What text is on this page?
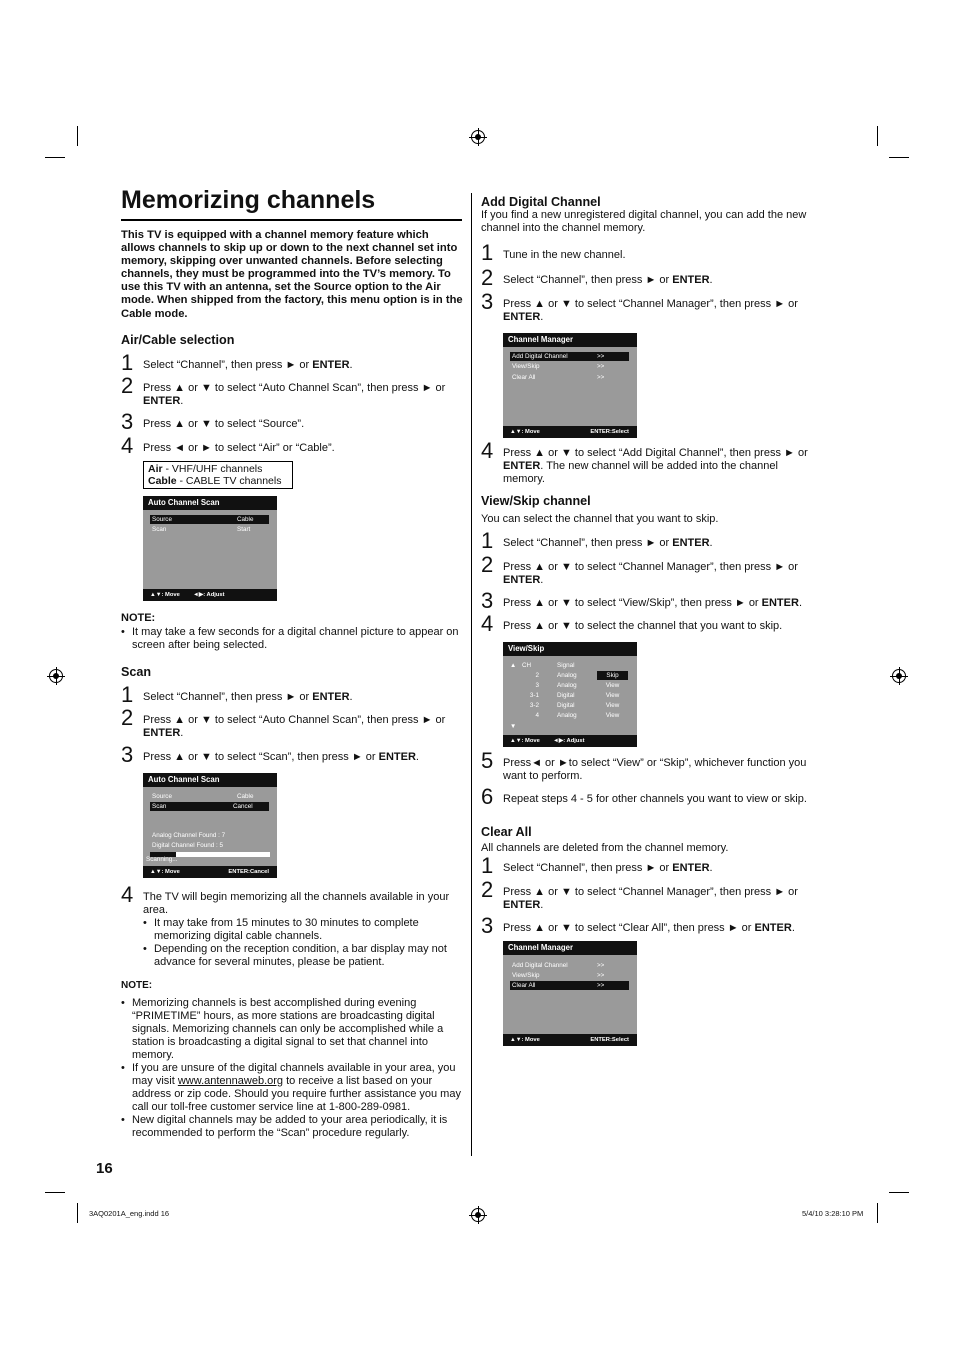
Memorizing channels
This TV is equipped with a channel memory feature which allows channels to skip up or down to the next channel set into memory, skipping over unwanted channels. Before selecting channels, they must be programmed into the TV’s memory. To use this TV with an antenna, set the Source option to the Air mode. When shipped from the factory, this menu option is in the Cable mode.
Air/Cable selection
1 Select “Channel”, then press ► or ENTER.
2 Press ▲ or ▼ to select “Auto Channel Scan”, then press ► or ENTER.
3 Press ▲ or ▼ to select “Source”.
4 Press ◄ or ► to select “Air” or “Cable”.
Air - VHF/UHF channels
Cable - CABLE TV channels
Auto Channel Scan
Source	Cable
Scan	Start
▲▼: Move ◄▶: Adjust
NOTE:
• It may take a few seconds for a digital channel picture to appear on screen after being selected.
Scan
1 Select “Channel”, then press ► or ENTER.
2 Press ▲ or ▼ to select “Auto Channel Scan”, then press ► or ENTER.
3 Press ▲ or ▼ to select “Scan”, then press ► or ENTER.
Auto Channel Scan
Source	Cable
Scan	Cancel
Analog Channel Found : 7
Digital Channel Found : 5
Scanning...
▲▼: Move	ENTER:Cancel
4 The TV will begin memorizing all the channels available in your area.
• It may take from 15 minutes to 30 minutes to complete memorizing digital cable channels.
• Depending on the reception condition, a bar display may not advance for several minutes, please be patient.
NOTE:
• Memorizing channels is best accomplished during evening “PRIMETIME” hours, as more stations are broadcasting digital signals. Memorizing channels can only be accomplished while a station is broadcasting a digital signal to set that channel into memory.
• If you are unsure of the digital channels available in your area, you may visit www.antennaweb.org to receive a list based on your address or zip code. Should you require further assistance you may call our toll-free customer service line at 1-800-289-0981.
• New digital channels may be added to your area periodically, it is recommended to perform the “Scan” procedure regularly.
16
Add Digital Channel
If you find a new unregistered digital channel, you can add the new channel into the channel memory.
1 Tune in the new channel.
2 Select “Channel”, then press ► or ENTER.
3 Press ▲ or ▼ to select “Channel Manager”, then press ► or ENTER.
Channel Manager
Add Digital Channel	>>
View/Skip	>>
Clear All	>>
▲▼: Move	ENTER:Select
4 Press ▲ or ▼ to select “Add Digital Channel”, then press ► or ENTER. The new channel will be added into the channel memory.
View/Skip channel
You can select the channel that you want to skip.
1 Select “Channel”, then press ► or ENTER.
2 Press ▲ or ▼ to select “Channel Manager”, then press ► or ENTER.
3 Press ▲ or ▼ to select “View/Skip”, then press ► or ENTER.
4 Press ▲ or ▼ to select the channel that you want to skip.
View/Skip
▲ CH	Signal
2	Analog	Skip
3	Analog	View
3-1	Digital	View
3-2	Digital	View
4	Analog	View
▼
▲▼: Move ◄▶: Adjust
5 Press◄ or ►to select “View” or “Skip”, whichever function you want to perform.
6 Repeat steps 4 - 5 for other channels you want to view or skip.
Clear All
All channels are deleted from the channel memory.
1 Select “Channel”, then press ► or ENTER.
2 Press ▲ or ▼ to select “Channel Manager”, then press ► or ENTER.
3 Press ▲ or ▼ to select “Clear All”, then press ► or ENTER.
Channel Manager
Add Digital Channel	>>
View/Skip	>>
Clear All	>>
▲▼: Move	ENTER:Select
3AQ0201A_eng.indd 16	5/4/10 3:28:10 PM
